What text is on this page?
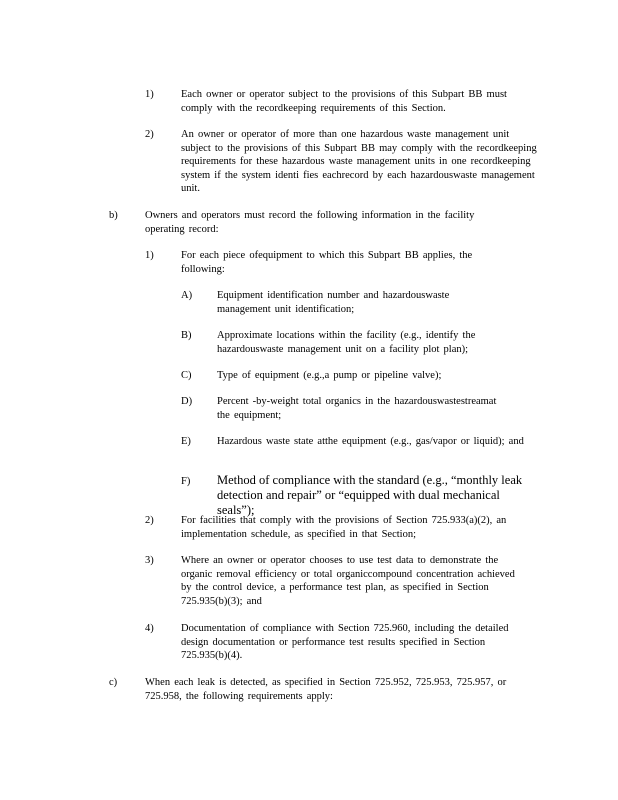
1)	Each owner or operator subject to the provisions of this Subpart BB must comply with the recordkeeping requirements of this Section.
2)	An owner or operator of more than one hazardous waste management unit subject to the provisions of this Subpart BB may comply with the recordkeeping requirements for these hazardous waste management units in one recordkeeping system if the system identi fies eachrecord by each hazardouswaste management unit.
b)	Owners and operators must record the following information in the facility operating record:
1)	For each piece ofequipment to which this Subpart BB applies, the following:
A) Equipment identification number and hazardouswaste management unit identification;
B) Approximate locations within the facility (e.g., identify the hazardouswaste management unit on a facility plot plan);
C) Type of equipment (e.g.,a pump or pipeline valve);
D) Percent -by-weight total organics in the hazardouswastestreamat the equipment;
E) Hazardous waste state atthe equipment (e.g., gas/vapor or liquid); and
F) Method of compliance with the standard (e.g., “monthly leak detection and repair” or “equipped with dual mechanical seals”);
2)	For facilities that comply with the provisions of Section 725.933(a)(2), an implementation schedule, as specified in that Section;
3)	Where an owner or operator chooses to use test data to demonstrate the organic removal efficiency or total organiccompound concentration achieved by the control device, a performance test plan, as specified in Section 725.935(b)(3); and
4)	Documentation of compliance with Section 725.960, including the detailed design documentation or performance test results specified in Section 725.935(b)(4).
c)	When each leak is detected, as specified in Section 725.952, 725.953, 725.957, or 725.958, the following requirements apply:
